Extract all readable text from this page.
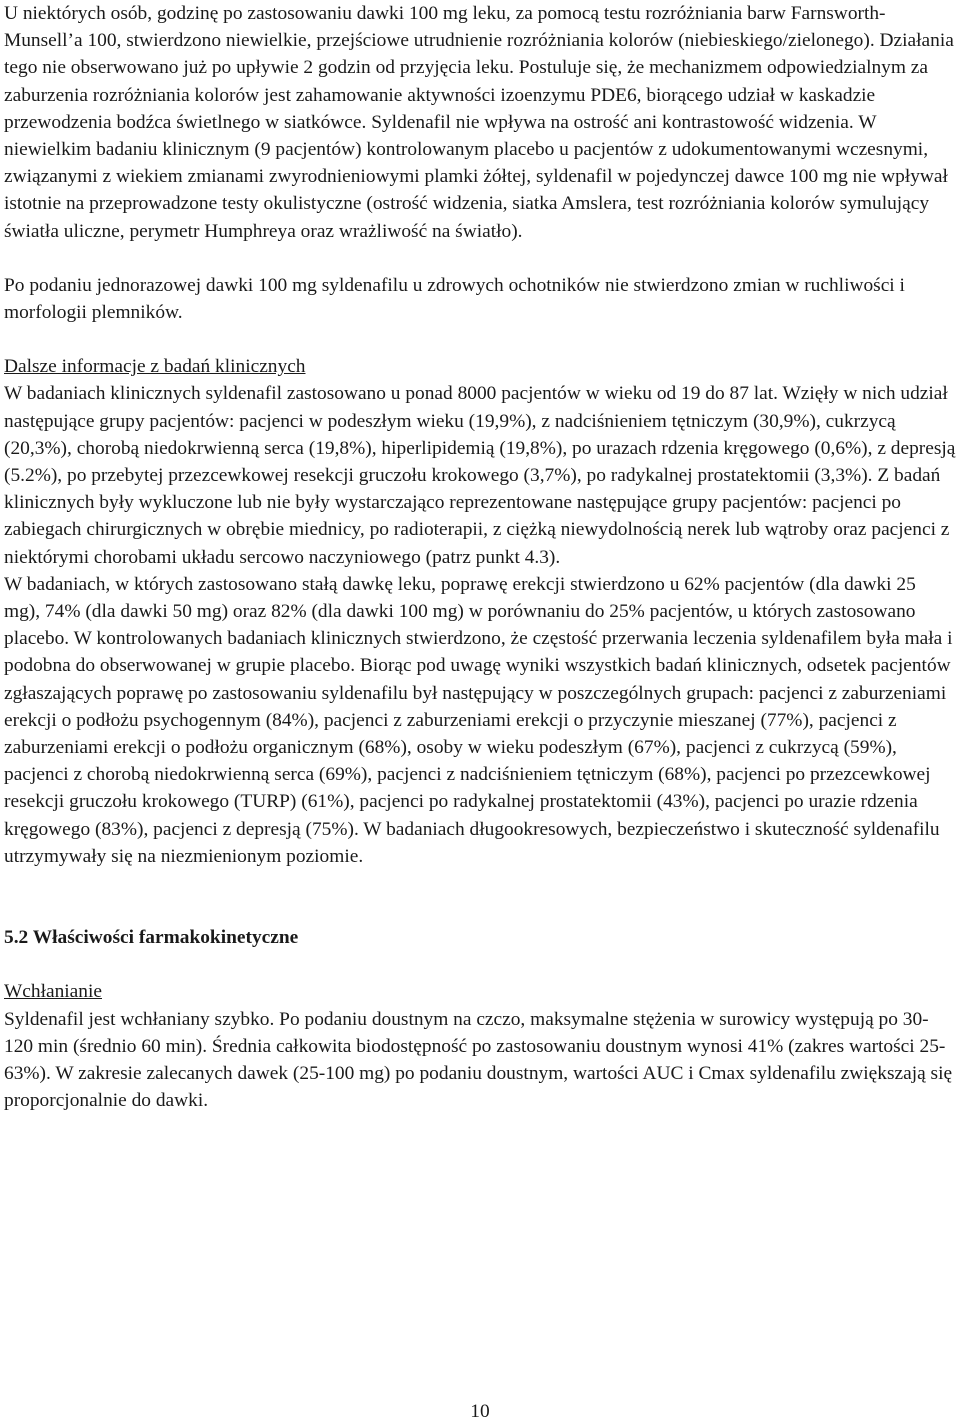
U niektórych osób, godzinę po zastosowaniu dawki 100 mg leku, za pomocą testu rozróżniania barw Farnsworth-Munsell’a 100, stwierdzono niewielkie, przejściowe utrudnienie rozróżniania kolorów (niebieskiego/zielonego). Działania tego nie obserwowano już po upływie 2 godzin od przyjęcia leku. Postuluje się, że mechanizmem odpowiedzialnym za zaburzenia rozróżniania kolorów jest zahamowanie aktywności izoenzymu PDE6, biorącego udział w kaskadzie przewodzenia bodźca świetlnego w siatkówce. Syldenafil nie wpływa na ostrość ani kontrastowość widzenia. W niewielkim badaniu klinicznym (9 pacjentów) kontrolowanym placebo u pacjentów z udokumentowanymi wczesnymi, związanymi z wiekiem zmianami zwyrodnieniowymi plamki żółtej, syldenafil w pojedynczej dawce 100 mg nie wpływał istotnie na przeprowadzone testy okulistyczne (ostrość widzenia, siatka Amslera, test rozróżniania kolorów symulujący światła uliczne, perymetr Humphreya oraz wrażliwość na światło).

Po podaniu jednorazowej dawki 100 mg syldenafilu u zdrowych ochotników nie stwierdzono zmian w ruchliwości i morfologii plemników.

Dalsze informacje z badań klinicznych

W badaniach klinicznych syldenafil zastosowano u ponad 8000 pacjentów w wieku od 19 do 87 lat. Wzięły w nich udział następujące grupy pacjentów: pacjenci w podeszłym wieku (19,9%), z nadciśnieniem tętniczym (30,9%), cukrzycą (20,3%), chorobą niedokrwienną serca (19,8%), hiperlipidemią (19,8%), po urazach rdzenia kręgowego (0,6%), z depresją (5.2%), po przebytej przezcewkowej resekcji gruczołu krokowego (3,7%), po radykalnej prostatektomii (3,3%). Z badań klinicznych były wykluczone lub nie były wystarczająco reprezentowane następujące grupy pacjentów: pacjenci po zabiegach chirurgicznych w obrębie miednicy, po radioterapii, z ciężką niewydolnością nerek lub wątroby oraz pacjenci z niektórymi chorobami układu sercowo naczyniowego (patrz punkt 4.3).

W badaniach, w których zastosowano stałą dawkę leku, poprawę erekcji stwierdzono u 62% pacjentów (dla dawki 25 mg), 74% (dla dawki 50 mg) oraz 82% (dla dawki 100 mg) w porównaniu do 25% pacjentów, u których zastosowano placebo. W kontrolowanych badaniach klinicznych stwierdzono, że częstość przerwania leczenia syldenafilem była mała i podobna do obserwowanej w grupie placebo. Biorąc pod uwagę wyniki wszystkich badań klinicznych, odsetek pacjentów zgłaszających poprawę po zastosowaniu syldenafilu był następujący w poszczególnych grupach: pacjenci z zaburzeniami erekcji o podłożu psychogennym (84%), pacjenci z zaburzeniami erekcji o przyczynie mieszanej (77%), pacjenci z zaburzeniami erekcji o podłożu organicznym (68%), osoby w wieku podeszłym (67%), pacjenci z cukrzycą (59%), pacjenci z chorobą niedokrwienną serca (69%), pacjenci z nadciśnieniem tętniczym (68%), pacjenci po przezcewkowej resekcji gruczołu krokowego (TURP) (61%), pacjenci po radykalnej prostatektomii (43%), pacjenci po urazie rdzenia kręgowego (83%), pacjenci z depresją (75%). W badaniach długookresowych, bezpieczeństwo i skuteczność syldenafilu utrzymywały się na niezmienionym poziomie.

5.2 Właściwości farmakokinetyczne

Wchłanianie

Syldenafil jest wchłaniany szybko. Po podaniu doustnym na czczo, maksymalne stężenia w surowicy występują po 30-120 min (średnio 60 min). Średnia całkowita biodostępność po zastosowaniu doustnym wynosi 41% (zakres wartości 25-63%). W zakresie zalecanych dawek (25-100 mg) po podaniu doustnym, wartości AUC i Cmax syldenafilu zwiększają się proporcjonalnie do dawki.

10
